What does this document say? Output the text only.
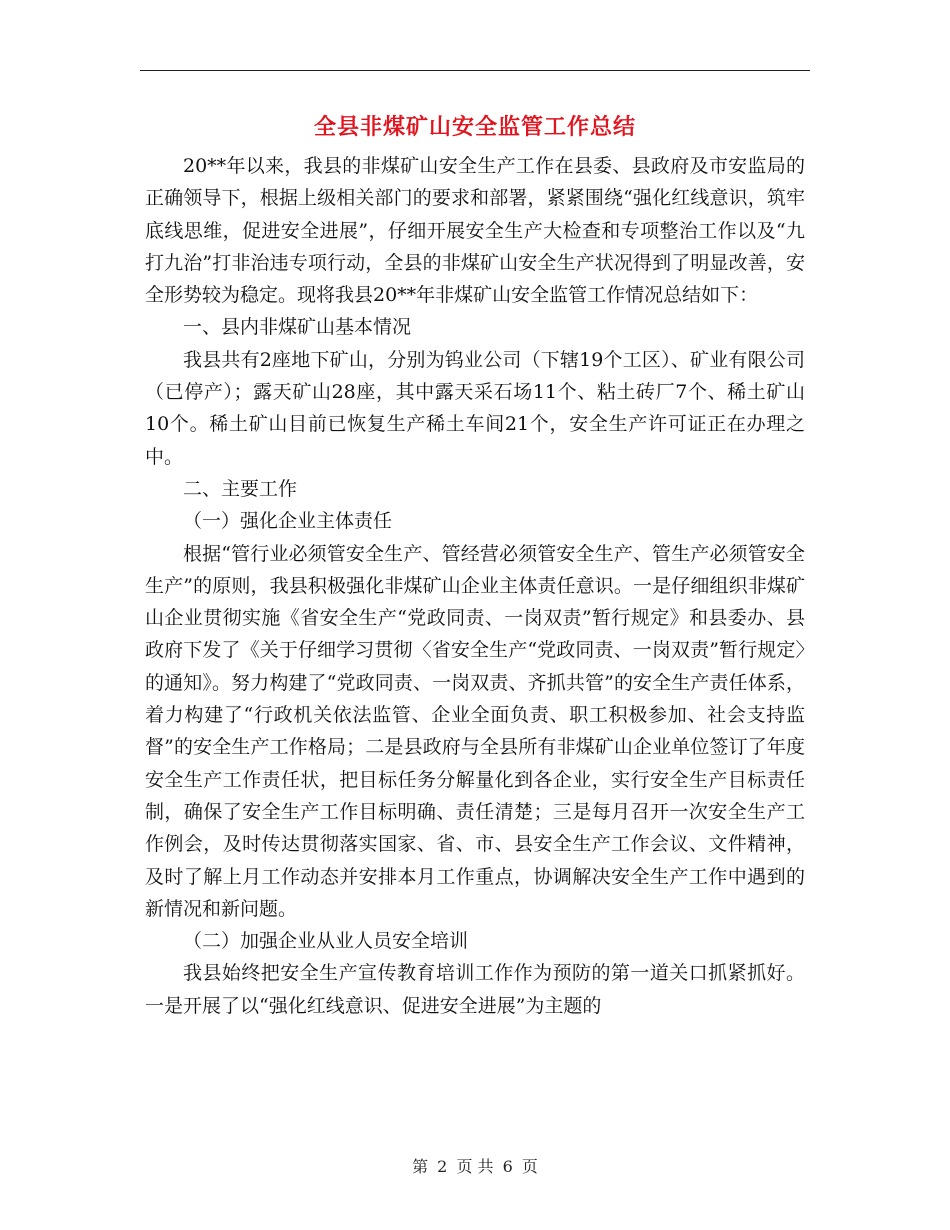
全县非煤矿山安全监管工作总结

20**年以来，我县的非煤矿山安全生产工作在县委、县政府及市安监局的正确领导下，根据上级相关部门的要求和部署，紧紧围绕“强化红线意识，筑牢底线思维，促进安全进展”，仔细开展安全生产大检查和专项整治工作以及“九打九治”打非治违专项行动，全县的非煤矿山安全生产状况得到了明显改善，安全形势较为稳定。现将我县20**年非煤矿山安全监管工作情况总结如下：

一、县内非煤矿山基本情况

我县共有2座地下矿山，分别为钨业公司（下辖19个工区）、矿业有限公司（已停产）；露天矿山28座，其中露天采石场11个、粘土砖厂7个、稀土矿山10个。稀土矿山目前已恢复生产稀土车间21个，安全生产许可证正在办理之中。

二、主要工作

（一）强化企业主体责任

根据“管行业必须管安全生产、管经营必须管安全生产、管生产必须管安全生产”的原则，我县积极强化非煤矿山企业主体责任意识。一是仔细组织非煤矿山企业贯彻实施《省安全生产“党政同责、一岗双责”暂行规定》和县委办、县政府下发了《关于仔细学习贯彻〈省安全生产“党政同责、一岗双责”暂行规定〉的通知》。努力构建了“党政同责、一岗双责、齐抓共管”的安全生产责任体系，着力构建了“行政机关依法监管、企业全面负责、职工积极参加、社会支持监督”的安全生产工作格局；二是县政府与全县所有非煤矿山企业单位签订了年度安全生产工作责任状，把目标任务分解量化到各企业，实行安全生产目标责任制，确保了安全生产工作目标明确、责任清楚；三是每月召开一次安全生产工作例会，及时传达贯彻落实国家、省、市、县安全生产工作会议、文件精神，及时了解上月工作动态并安排本月工作重点，协调解决安全生产工作中遇到的新情况和新问题。

（二）加强企业从业人员安全培训

我县始终把安全生产宣传教育培训工作作为预防的第一道关口抓紧抓好。一是开展了以“强化红线意识、促进安全进展”为主题的

第 2 页 共 6 页
